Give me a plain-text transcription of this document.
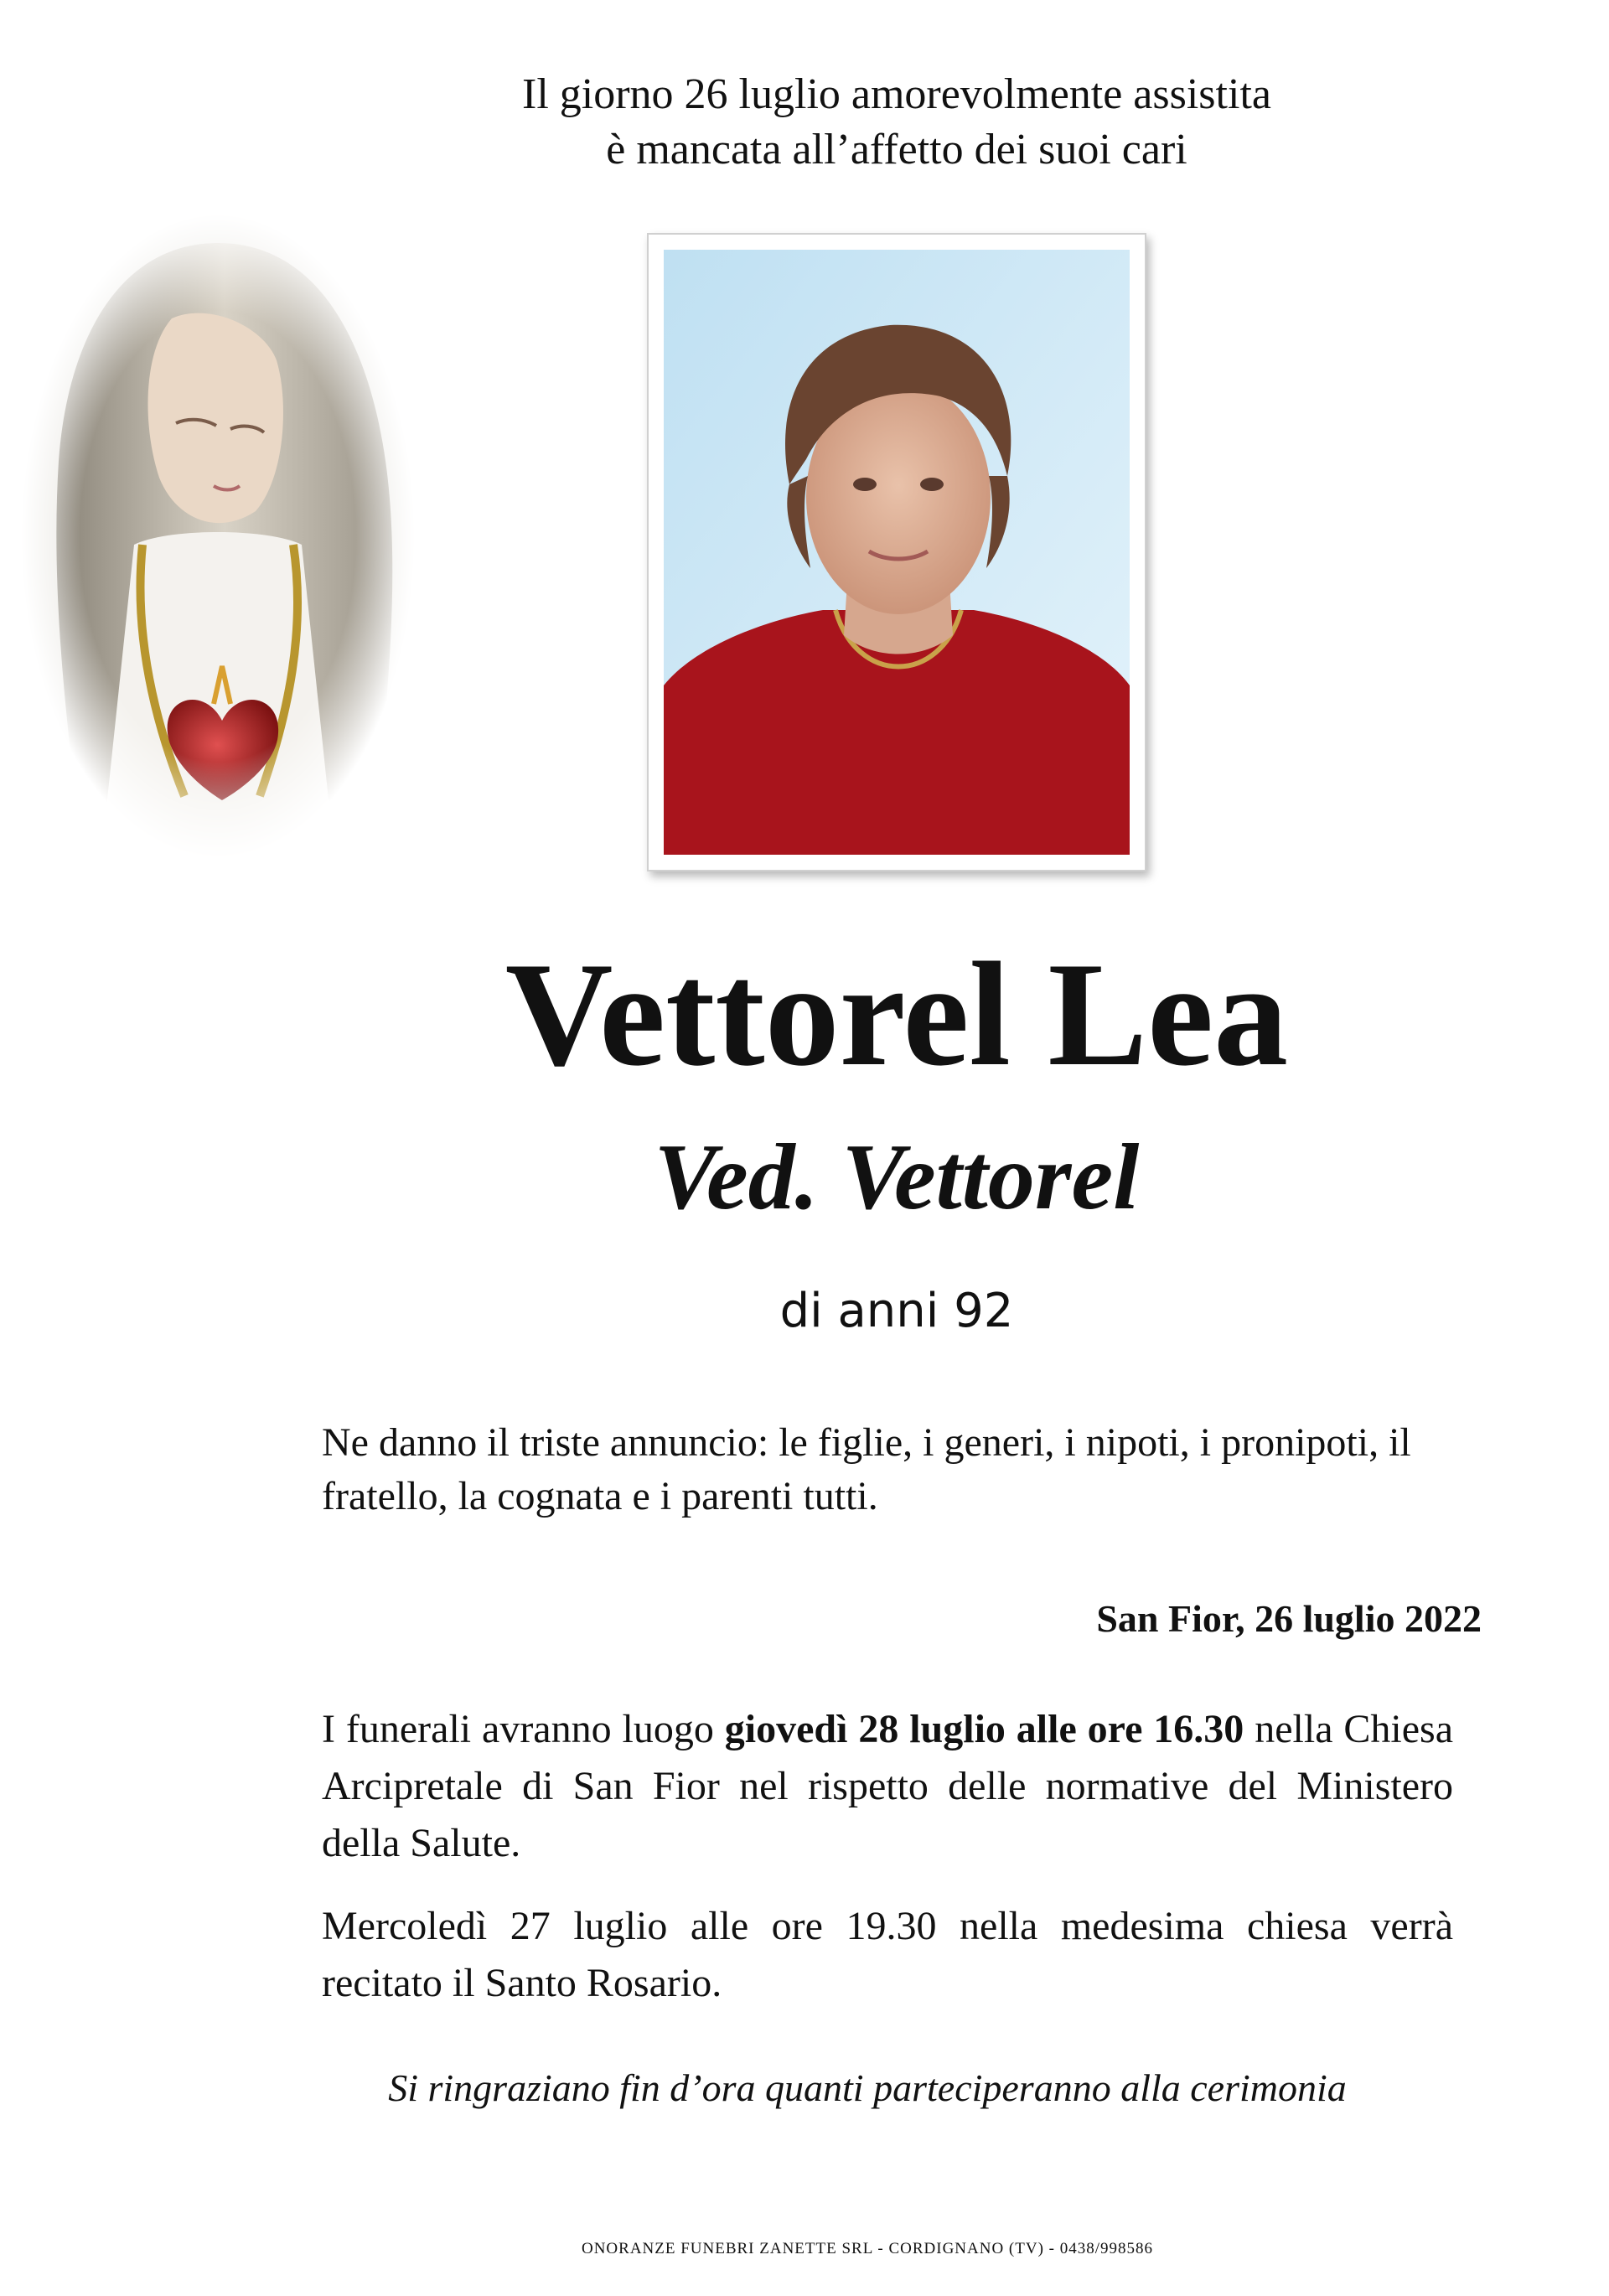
Il giorno 26 luglio amorevolmente assistita
è mancata all’affetto dei suoi cari
Vettorel Lea
Ved. Vettorel
di anni 92
Ne danno il triste annuncio: le figlie, i generi, i nipoti, i pronipoti, il fratello, la cognata e i parenti tutti.
San Fior, 26 luglio 2022
I funerali avranno luogo giovedì 28 luglio alle ore 16.30 nella Chiesa Arcipretale di San Fior nel rispetto delle normative del Ministero della Salute.
Mercoledì 27 luglio alle ore 19.30 nella medesima chiesa verrà recitato il Santo Rosario.
Si ringraziano fin d’ora quanti parteciperanno alla cerimonia
ONORANZE FUNEBRI ZANETTE SRL - CORDIGNANO (TV) - 0438/998586
